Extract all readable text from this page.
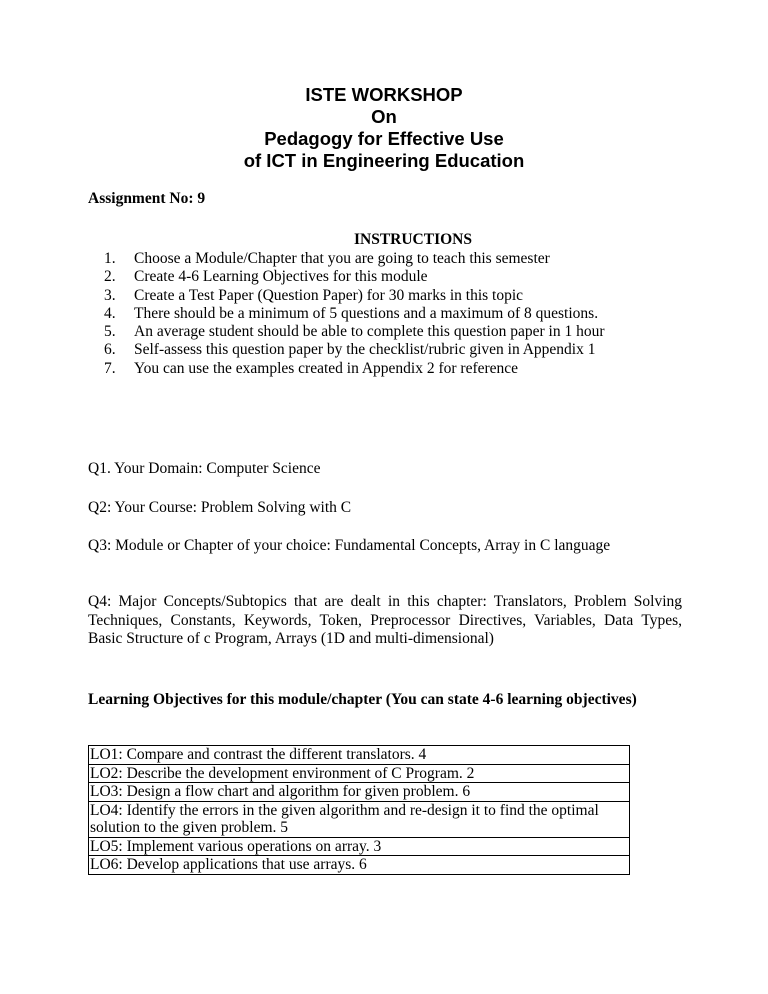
ISTE WORKSHOP
On
Pedagogy for Effective Use
of ICT in Engineering Education
Assignment No: 9
INSTRUCTIONS
1. Choose a Module/Chapter that you are going to teach this semester
2. Create 4-6 Learning Objectives for this module
3. Create a Test Paper (Question Paper) for 30 marks in this topic
4. There should be a minimum of 5 questions and a maximum of 8 questions.
5. An average student should be able to complete this question paper in 1 hour
6. Self-assess this question paper by the checklist/rubric given in Appendix 1
7. You can use the examples created in Appendix 2 for reference
Q1. Your Domain: Computer Science
Q2: Your Course: Problem Solving with C
Q3: Module or Chapter of your choice: Fundamental Concepts, Array in C language
Q4: Major Concepts/Subtopics that are dealt in this chapter: Translators, Problem Solving Techniques, Constants, Keywords, Token, Preprocessor Directives, Variables, Data Types, Basic Structure of c Program, Arrays (1D and multi-dimensional)
Learning Objectives for this module/chapter (You can state 4-6 learning objectives)
LO1: Compare and contrast the different translators. 4
LO2: Describe the development environment of C Program. 2
LO3: Design a flow chart and algorithm for given problem. 6
LO4: Identify the errors in the given algorithm and re-design it to find the optimal solution to the given problem. 5
LO5: Implement various operations on array. 3
LO6: Develop applications that use arrays. 6
